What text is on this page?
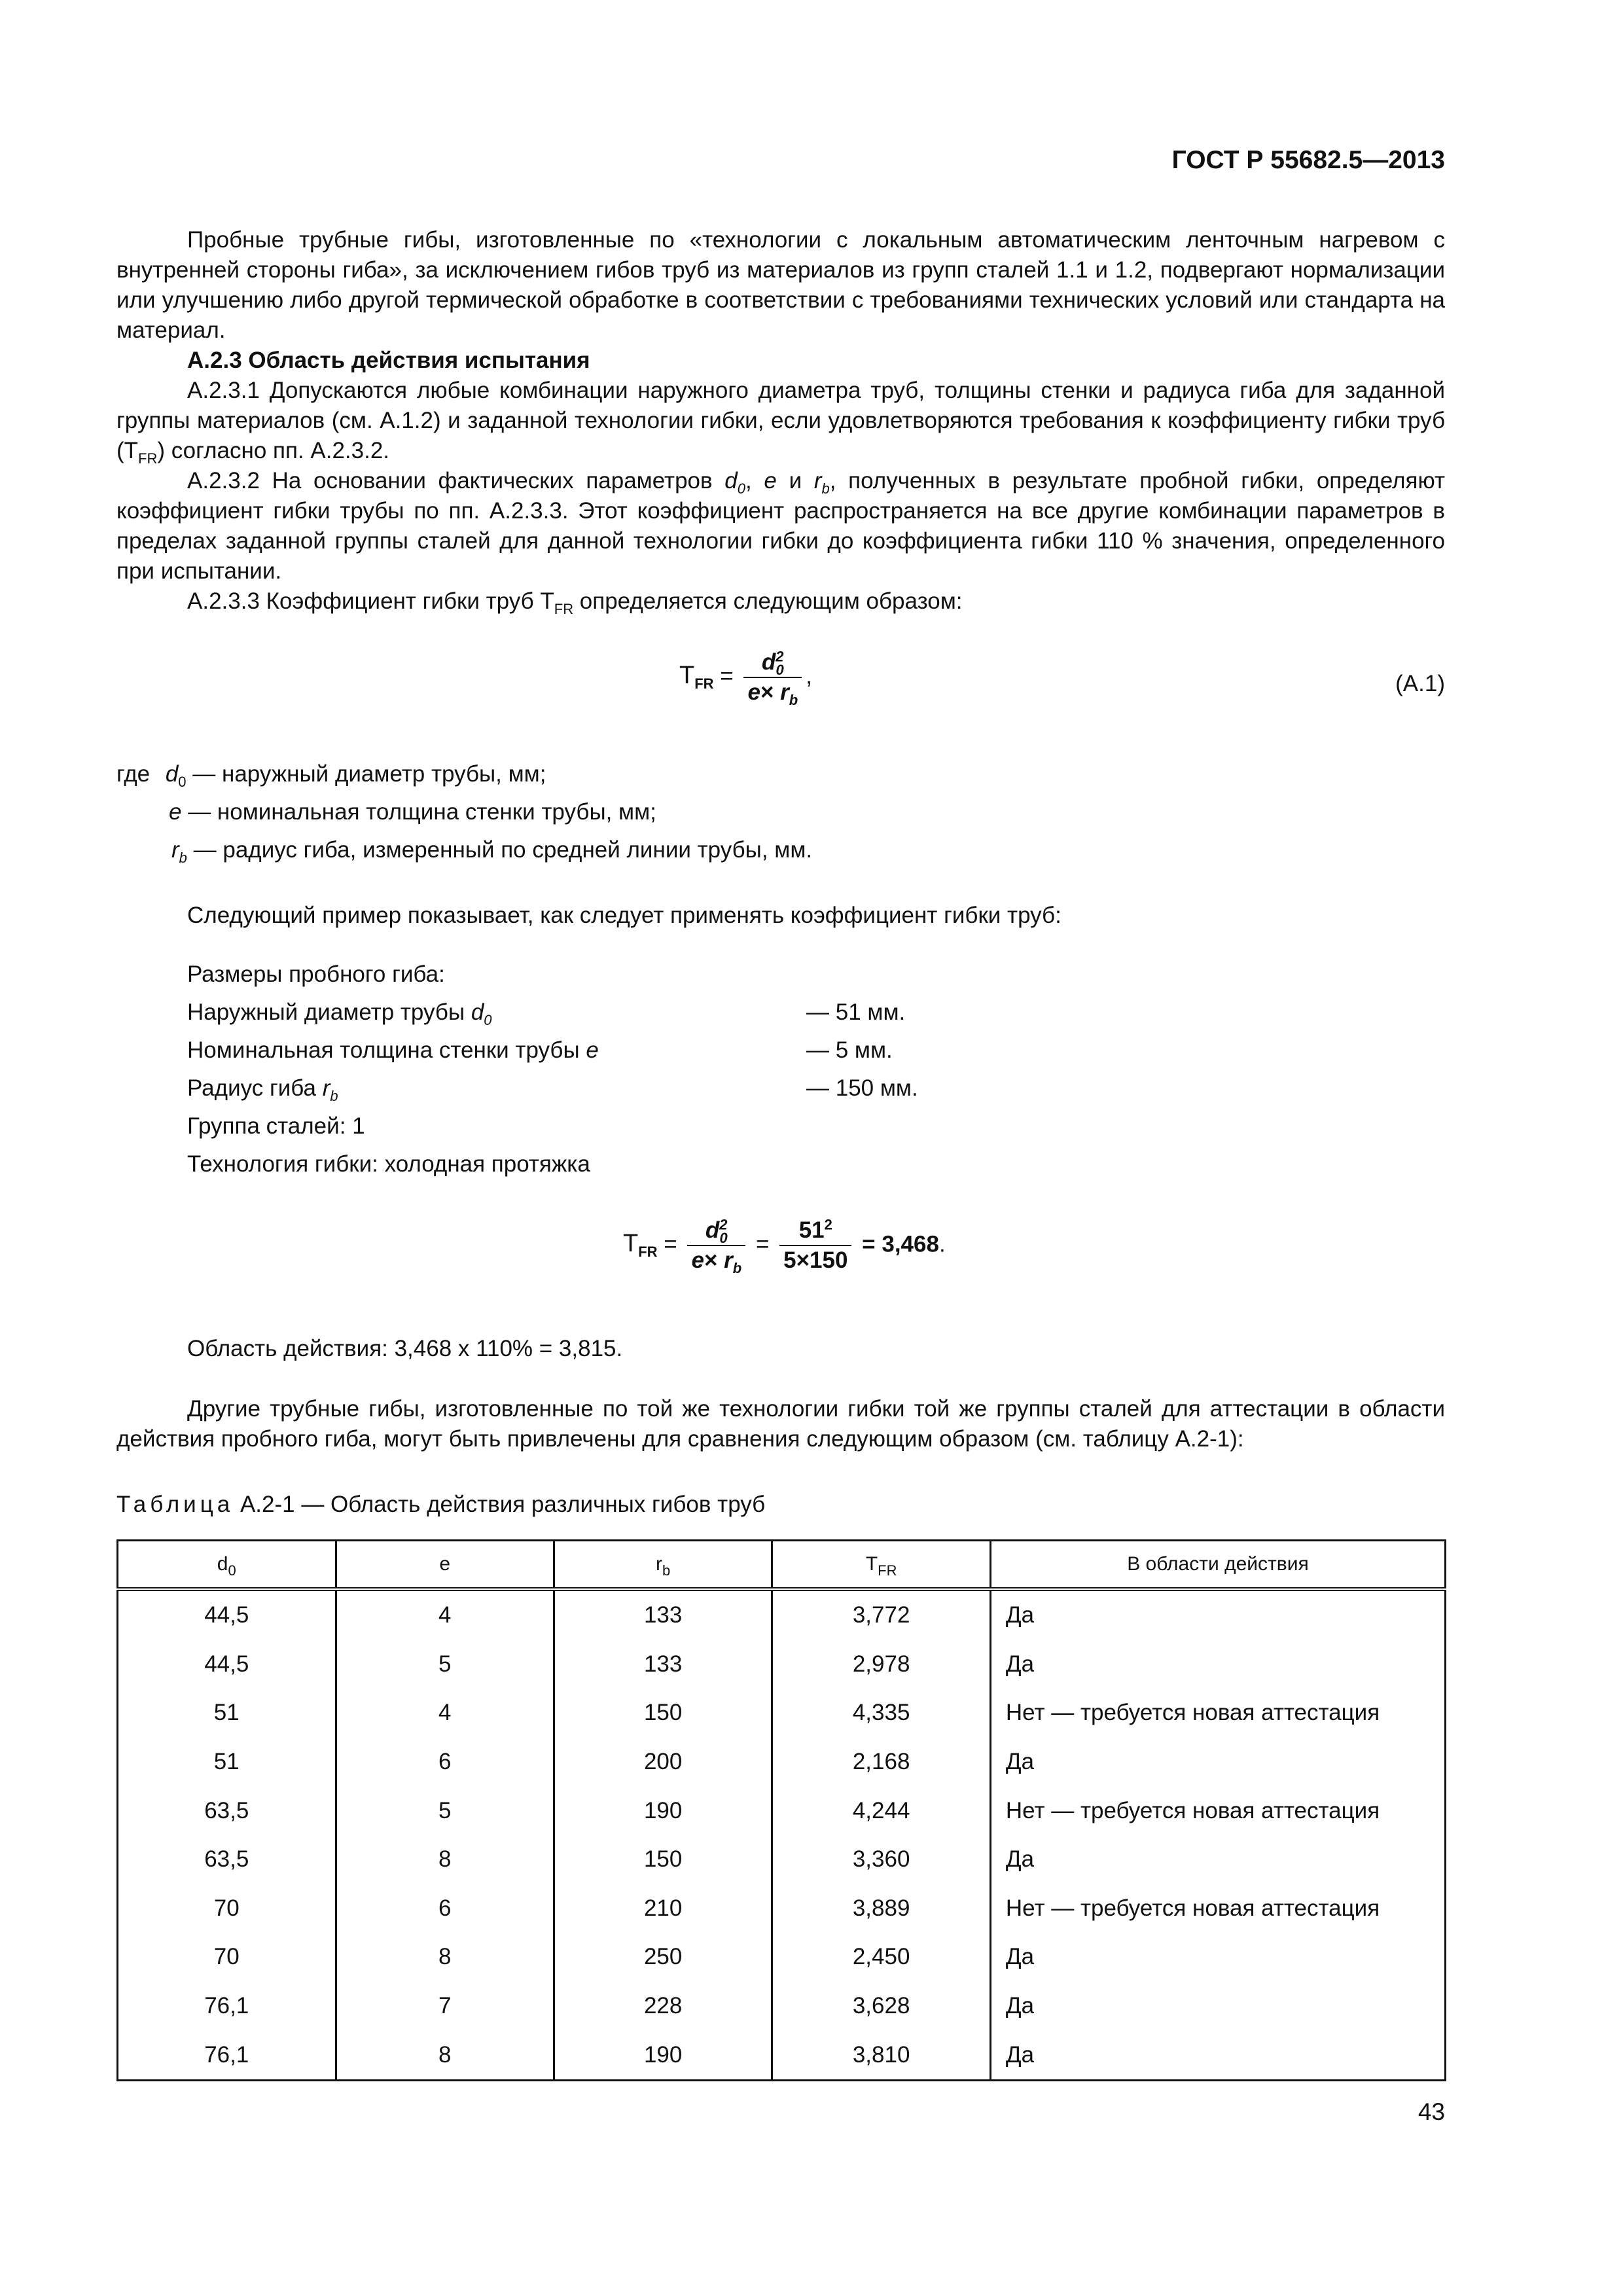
ГОСТ Р 55682.5—2013

Пробные трубные гибы, изготовленные по «технологии с локальным автоматическим ленточным нагревом с внутренней стороны гиба», за исключением гибов труб из материалов из групп сталей 1.1 и 1.2, подвергают нормализации или улучшению либо другой термической обработке в соответствии с требованиями технических условий или стандарта на материал.

А.2.3 Область действия испытания

А.2.3.1 Допускаются любые комбинации наружного диаметра труб, толщины стенки и радиуса гиба для заданной группы материалов (см. А.1.2) и заданной технологии гибки, если удовлетворяются требования к коэффициенту гибки труб $(Т_{FR})$ согласно пп. А.2.3.2.

А.2.3.2 На основании фактических параметров $d_0$, e и $r_b$, полученных в результате пробной гибки, определяют коэффициент гибки трубы по пп. А.2.3.3. Этот коэффициент распространяется на все другие комбинации параметров в пределах заданной группы сталей для данной технологии гибки до коэффициента гибки 110 % значения, определенного при испытании.

А.2.3.3 Коэффициент гибки труб $Т_{FR}$ определяется следующим образом:

$Т_{FR} = \frac{d^2_0}{e\times r_b}$ ,	(А.1)
где $d_0$ — наружный диаметр трубы, мм;
e — номинальная толщина стенки трубы, мм;
$r_b$ — радиус гиба, измеренный по средней линии трубы, мм.
Следующий пример показывает, как следует применять коэффициент гибки труб:
Размеры пробного гиба:
Наружный диаметр трубы $d_0$	— 51 мм.
Номинальная толщина стенки трубы e	— 5 мм.
Радиус гиба $r_b$	— 150 мм.
Группа сталей: 1
Технология гибки: холодная протяжка
$Т_{FR} = \frac{d^2_0}{e\times r_b} = \frac{51^2}{5\times 150} = 3,468$.
Область действия: 3,468 х 110% = 3,815.

Другие трубные гибы, изготовленные по той же технологии гибки той же группы сталей для аттестации в области действия пробного гиба, могут быть привлечены для сравнения следующим образом (см. таблицу А.2-1):

Таблица А.2-1 — Область действия различных гибов труб
$d_0$	e	$r_b$	$T_{FR}$	В области действия
44,5	4	133	3,772	Да
44,5	5	133	2,978	Да
51	4	150	4,335	Нет — требуется новая аттестация
51	6	200	2,168	Да
63,5	5	190	4,244	Нет — требуется новая аттестация
63,5	8	150	3,360	Да
70	6	210	3,889	Нет — требуется новая аттестация
70	8	250	2,450	Да
76,1	7	228	3,628	Да
76,1	8	190	3,810	Да
43
